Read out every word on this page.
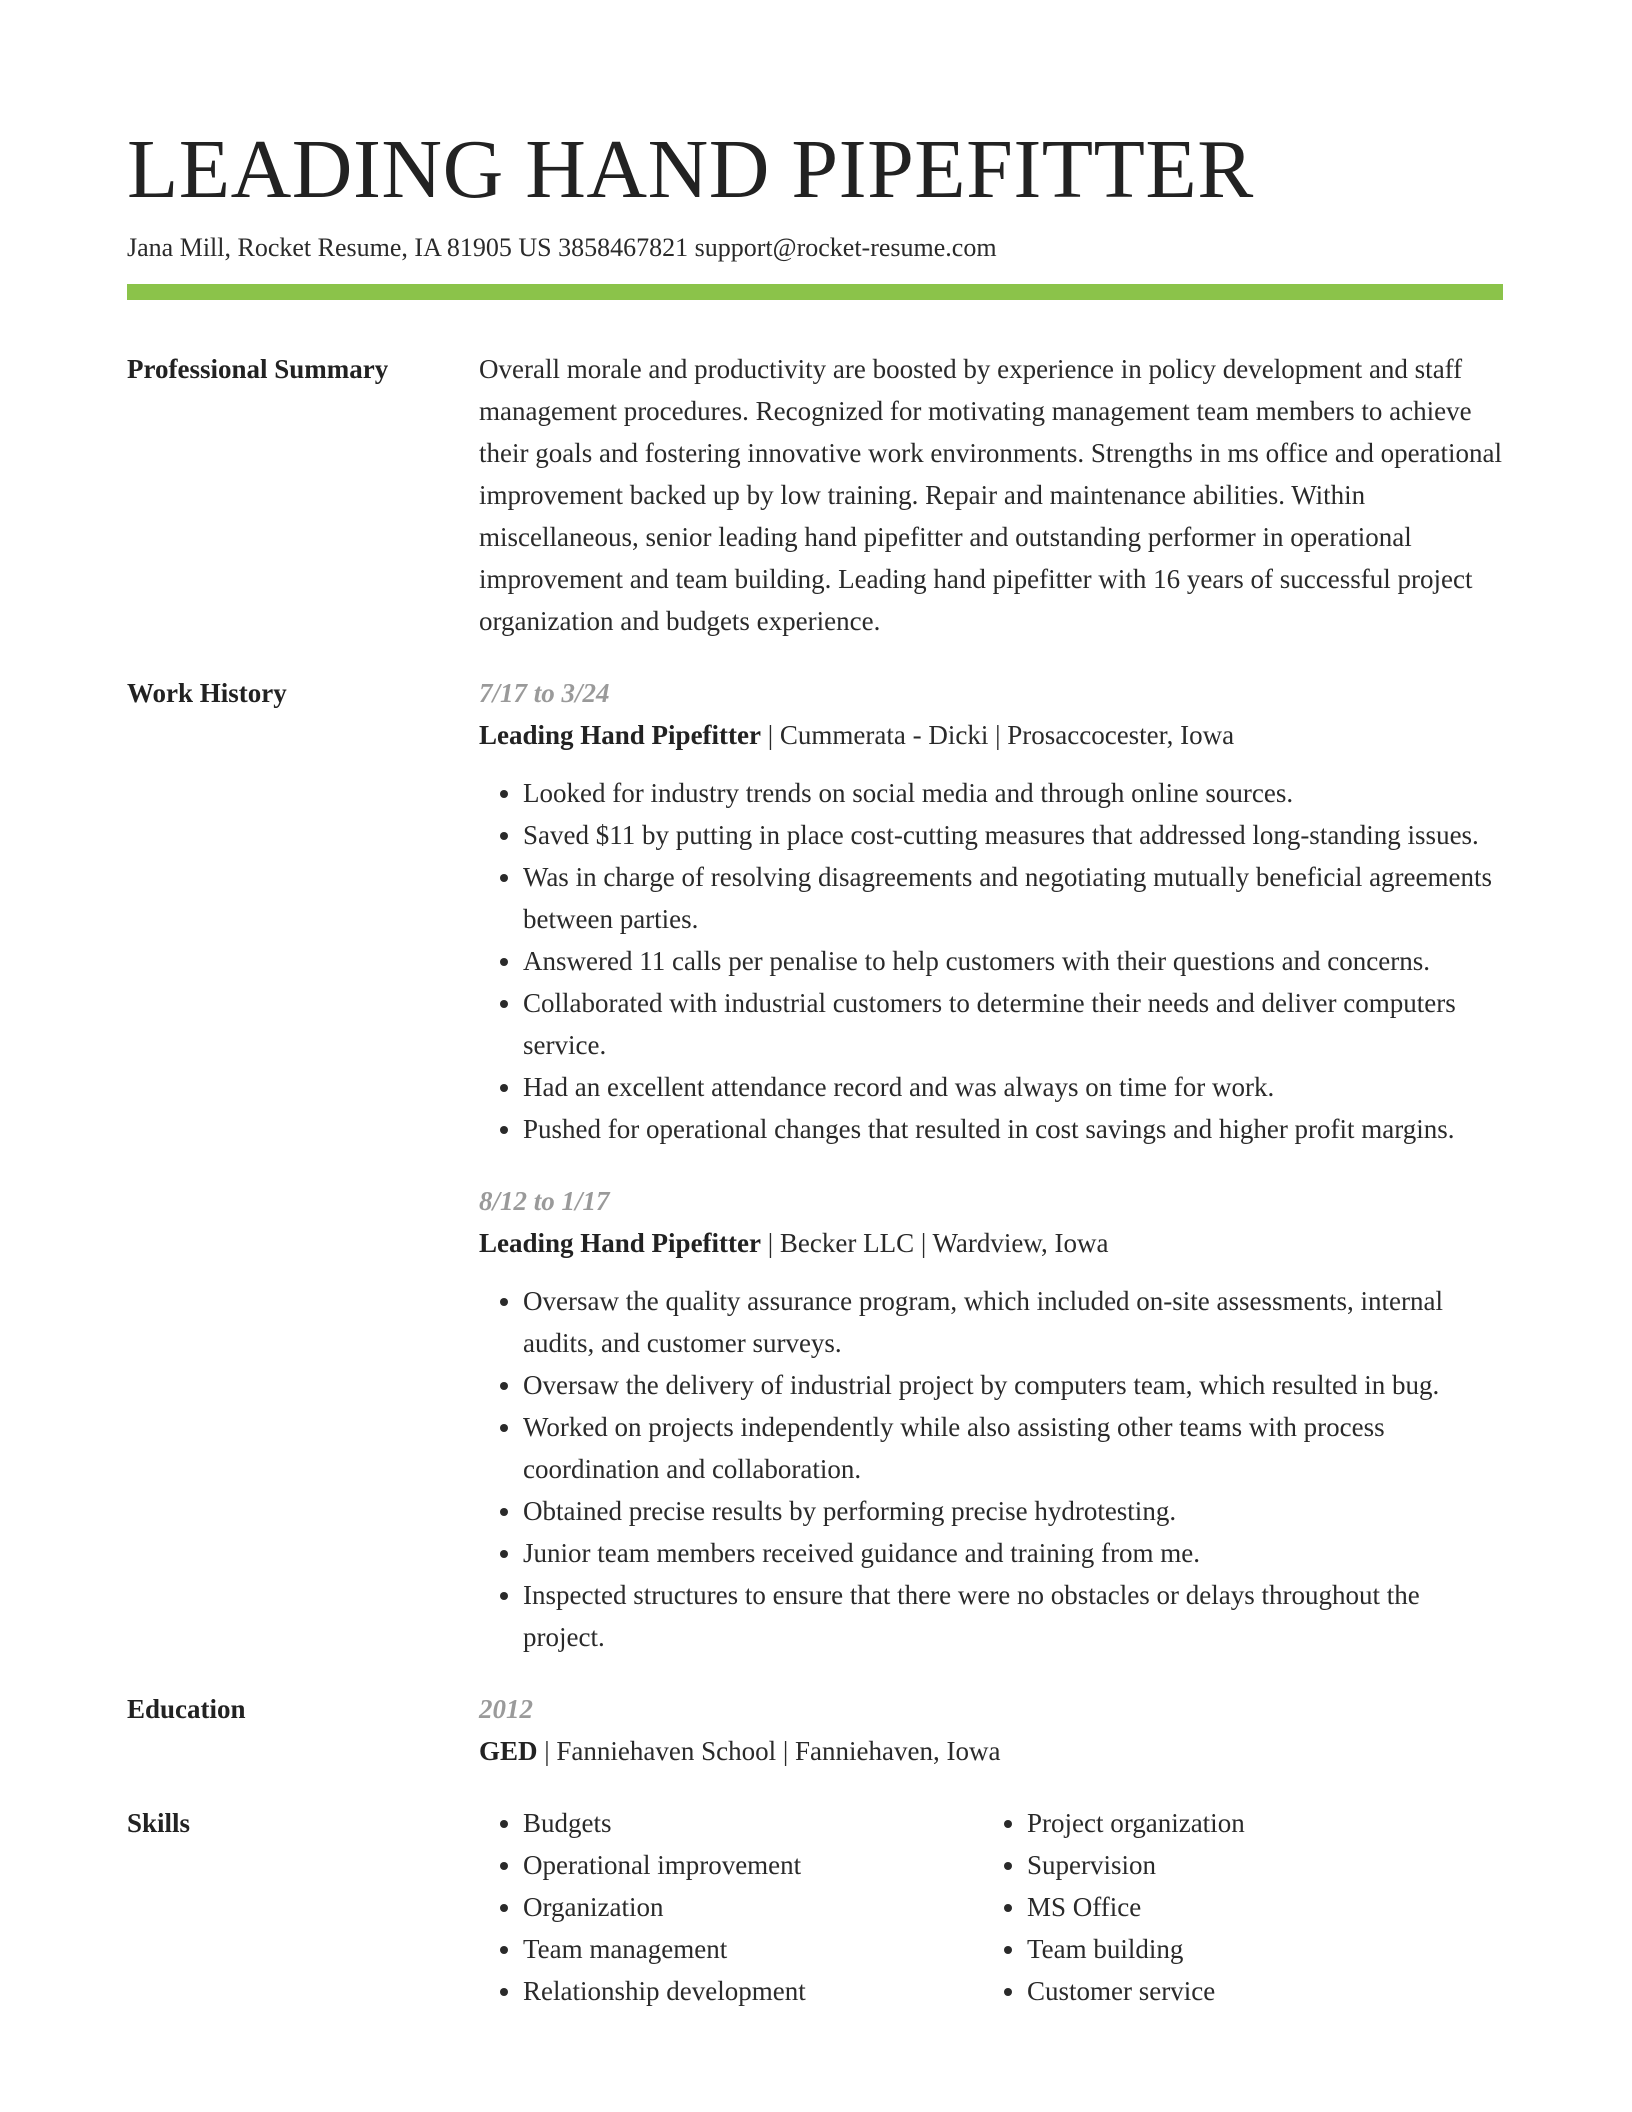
LEADING HAND PIPEFITTER
Jana Mill, Rocket Resume, IA 81905 US 3858467821 support@rocket-resume.com
Professional Summary	Overall morale and productivity are boosted by experience in policy development and staff management procedures. Recognized for motivating management team members to achieve their goals and fostering innovative work environments. Strengths in ms office and operational improvement backed up by low training. Repair and maintenance abilities. Within miscellaneous, senior leading hand pipefitter and outstanding performer in operational improvement and team building. Leading hand pipefitter with 16 years of successful project organization and budgets experience.

Work History	7/17 to 3/24
Leading Hand Pipefitter | Cummerata - Dicki | Prosaccocester, Iowa
• Looked for industry trends on social media and through online sources.
• Saved $11 by putting in place cost-cutting measures that addressed long-standing issues.
• Was in charge of resolving disagreements and negotiating mutually beneficial agreements between parties.
• Answered 11 calls per penalise to help customers with their questions and concerns.
• Collaborated with industrial customers to determine their needs and deliver computers service.
• Had an excellent attendance record and was always on time for work.
• Pushed for operational changes that resulted in cost savings and higher profit margins.
8/12 to 1/17
Leading Hand Pipefitter | Becker LLC | Wardview, Iowa
• Oversaw the quality assurance program, which included on-site assessments, internal audits, and customer surveys.
• Oversaw the delivery of industrial project by computers team, which resulted in bug.
• Worked on projects independently while also assisting other teams with process coordination and collaboration.
• Obtained precise results by performing precise hydrotesting.
• Junior team members received guidance and training from me.
• Inspected structures to ensure that there were no obstacles or delays throughout the project.
Education	2012
GED | Fanniehaven School | Fanniehaven, Iowa
Skills
•	Budgets
• Operational improvement
• Organization
• Team management
• Relationship development
• Project organization
• Supervision
• MS Office
• Team building
• Customer service
